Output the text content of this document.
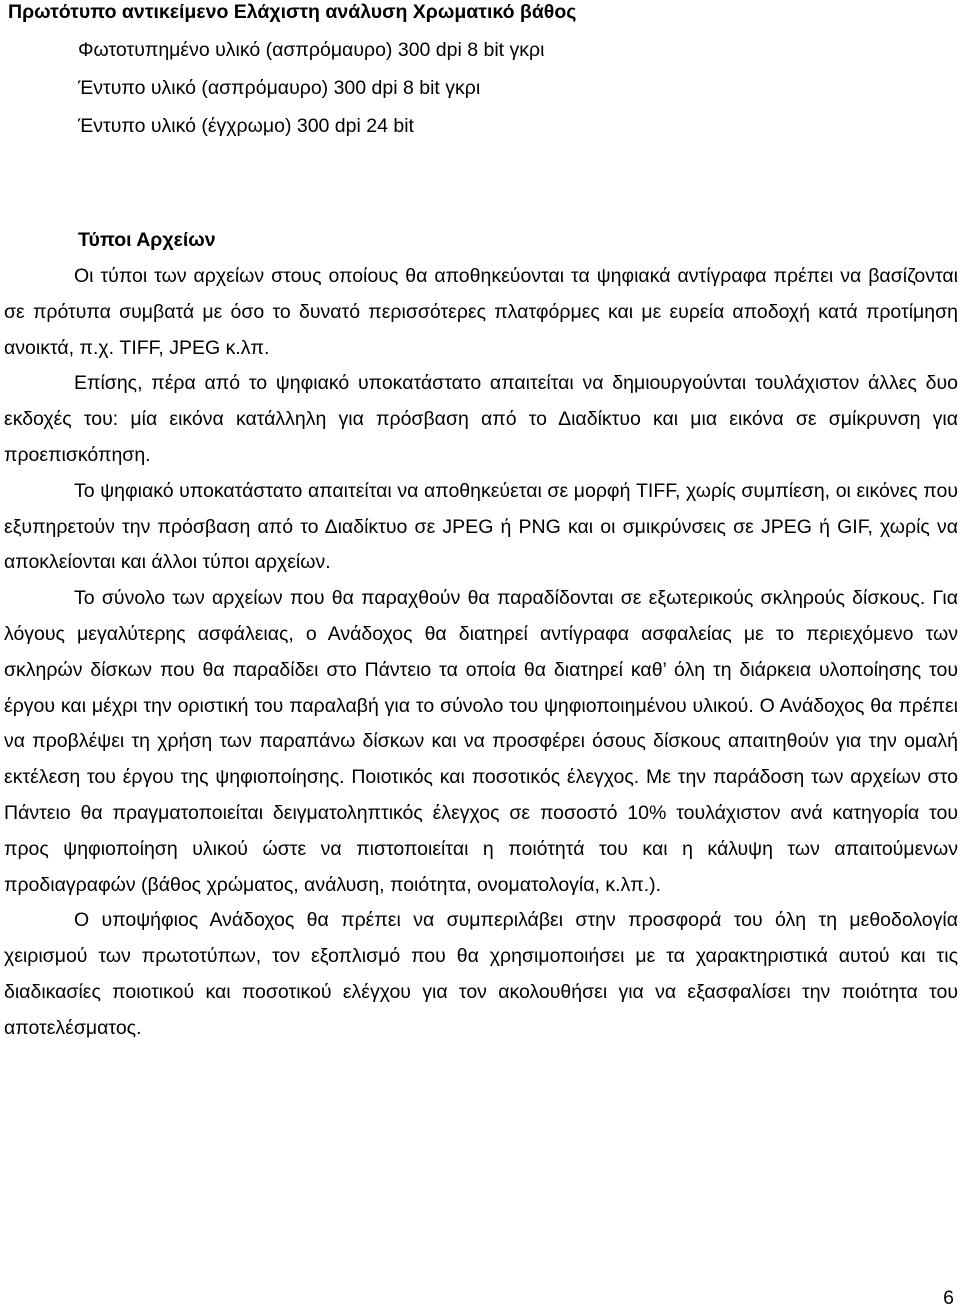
Πρωτότυπο αντικείμενο Ελάχιστη ανάλυση Χρωματικό βάθος
Φωτοτυπημένο υλικό (ασπρόμαυρο) 300 dpi 8 bit γκρι
Έντυπο υλικό (ασπρόμαυρο) 300 dpi 8 bit γκρι
Έντυπο υλικό (έγχρωμο) 300 dpi 24 bit
Τύποι Αρχείων

Οι τύποι των αρχείων στους οποίους θα αποθηκεύονται τα ψηφιακά αντίγραφα πρέπει να βασίζονται σε πρότυπα συμβατά με όσο το δυνατό περισσότερες πλατφόρμες και με ευρεία αποδοχή κατά προτίμηση ανοικτά, π.χ. TIFF, JPEG κ.λπ.

Επίσης, πέρα από το ψηφιακό υποκατάστατο απαιτείται να δημιουργούνται τουλάχιστον άλλες δυο εκδοχές του: μία εικόνα κατάλληλη για πρόσβαση από το Διαδίκτυο και μια εικόνα σε σμίκρυνση για προεπισκόπηση.

Το ψηφιακό υποκατάστατο απαιτείται να αποθηκεύεται σε μορφή TIFF, χωρίς συμπίεση, οι εικόνες που εξυπηρετούν την πρόσβαση από το Διαδίκτυο σε JPEG ή PNG και οι σμικρύνσεις σε JPEG ή GIF, χωρίς να αποκλείονται και άλλοι τύποι αρχείων.

Το σύνολο των αρχείων που θα παραχθούν θα παραδίδονται σε εξωτερικούς σκληρούς δίσκους. Για λόγους μεγαλύτερης ασφάλειας, ο Ανάδοχος θα διατηρεί αντίγραφα ασφαλείας με το περιεχόμενο των σκληρών δίσκων που θα παραδίδει στο Πάντειο τα οποία θα διατηρεί καθ’ όλη τη διάρκεια υλοποίησης του έργου και μέχρι την οριστική του παραλαβή για το σύνολο του ψηφιοποιημένου υλικού. Ο Ανάδοχος θα πρέπει να προβλέψει τη χρήση των παραπάνω δίσκων και να προσφέρει όσους δίσκους απαιτηθούν για την ομαλή εκτέλεση του έργου της ψηφιοποίησης. Ποιοτικός και ποσοτικός έλεγχος. Με την παράδοση των αρχείων στο Πάντειο θα πραγματοποιείται δειγματοληπτικός έλεγχος σε ποσοστό 10% τουλάχιστον ανά κατηγορία του προς ψηφιοποίηση υλικού ώστε να πιστοποιείται η ποιότητά του και η κάλυψη των απαιτούμενων προδιαγραφών (βάθος χρώματος, ανάλυση, ποιότητα, ονοματολογία, κ.λπ.).

Ο υποψήφιος Ανάδοχος θα πρέπει να συμπεριλάβει στην προσφορά του όλη τη μεθοδολογία χειρισμού των πρωτοτύπων, τον εξοπλισμό που θα χρησιμοποιήσει με τα χαρακτηριστικά αυτού και τις διαδικασίες ποιοτικού και ποσοτικού ελέγχου για τον ακολουθήσει για να εξασφαλίσει την ποιότητα του αποτελέσματος.

6
